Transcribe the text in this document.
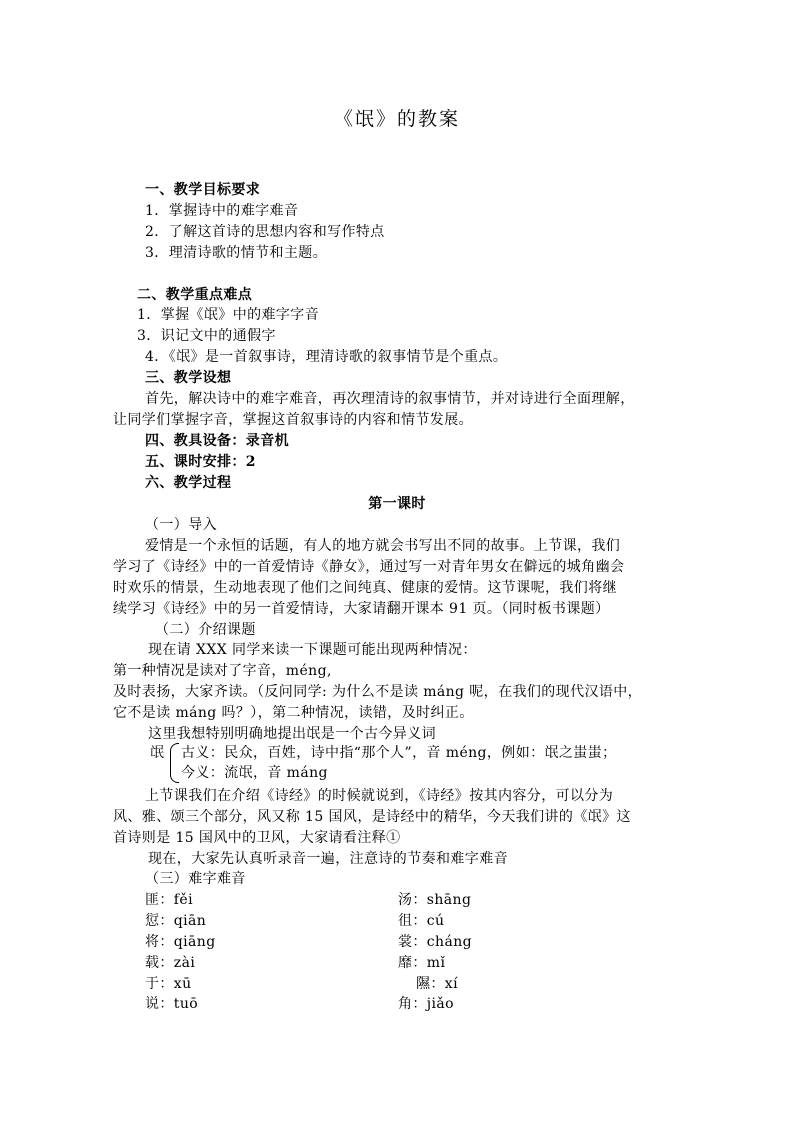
《氓》的教案
一、教学目标要求
1．掌握诗中的难字难音
2．了解这首诗的思想内容和写作特点
3．理清诗歌的情节和主题。
二、教学重点难点
1．掌握《氓》中的难字字音
3．识记文中的通假字
4．《氓》是一首叙事诗，理清诗歌的叙事情节是个重点。
三、教学设想
首先，解决诗中的难字难音，再次理清诗的叙事情节，并对诗进行全面理解，
让同学们掌握字音，掌握这首叙事诗的内容和情节发展。
四、教具设备：录音机
五、课时安排：2
六、教学过程
第一课时
（一）导入
爱情是一个永恒的话题，有人的地方就会书写出不同的故事。上节课，我们
学习了《诗经》中的一首爱情诗《静女》，通过写一对青年男女在僻远的城角幽会
时欢乐的情景，生动地表现了他们之间纯真、健康的爱情。这节课呢，我们将继
续学习《诗经》中的另一首爱情诗，大家请翻开课本 91 页。（同时板书课题）
（二）介绍课题
现在请 XXX 同学来读一下课题可能出现两种情况：
第一种情况是读对了字音，méng,
及时表扬，大家齐读。（反问同学: 为什么不是读 máng 呢，在我们的现代汉语中，
它不是读 máng 吗？），第二种情况，读错，及时纠正。
这里我想特别明确地提出氓是一个古今异义词
氓 古义：民众，百姓，诗中指“那个人”，音 méng，例如：氓之蚩蚩；
今义：流氓，音 máng
上节课我们在介绍《诗经》的时候就说到，《诗经》按其内容分，可以分为
风、雅、颂三个部分，风又称 15 国风，是诗经中的精华，今天我们讲的《氓》这
首诗则是 15 国风中的卫风，大家请看注释①
现在，大家先认真听录音一遍，注意诗的节奏和难字难音
（三）难字难音
匪：fěi
愆：qiān
将：qiāng
载：zài
于：xū
说：tuō
汤：shāng
徂：cú
裳：cháng
靡：mǐ
隰：xí
角：jiǎo
